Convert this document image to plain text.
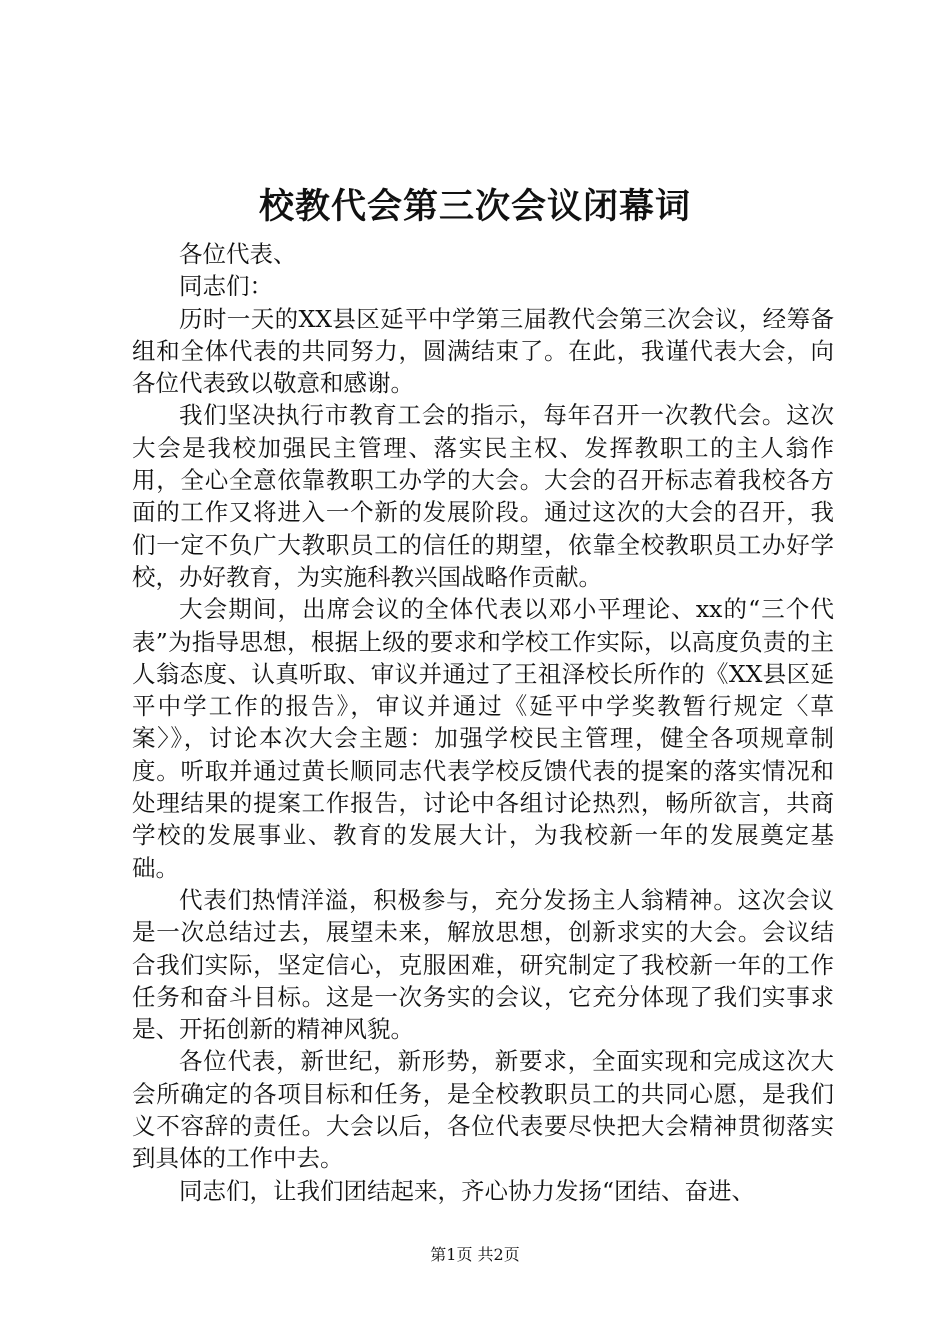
校教代会第三次会议闭幕词

各位代表、

同志们：

历时一天的XX县区延平中学第三届教代会第三次会议，经筹备组和全体代表的共同努力，圆满结束了。在此，我谨代表大会，向各位代表致以敬意和感谢。

我们坚决执行市教育工会的指示，每年召开一次教代会。这次大会是我校加强民主管理、落实民主权、发挥教职工的主人翁作用，全心全意依靠教职工办学的大会。大会的召开标志着我校各方面的工作又将进入一个新的发展阶段。通过这次的大会的召开，我们一定不负广大教职员工的信任的期望，依靠全校教职员工办好学校，办好教育，为实施科教兴国战略作贡献。

大会期间，出席会议的全体代表以邓小平理论、xx的“三个代表”为指导思想，根据上级的要求和学校工作实际，以高度负责的主人翁态度、认真听取、审议并通过了王祖泽校长所作的《XX县区延平中学工作的报告》，审议并通过《延平中学奖教暂行规定〈草案〉》，讨论本次大会主题：加强学校民主管理，健全各项规章制度。听取并通过黄长顺同志代表学校反馈代表的提案的落实情况和处理结果的提案工作报告，讨论中各组讨论热烈，畅所欲言，共商学校的发展事业、教育的发展大计，为我校新一年的发展奠定基础。

代表们热情洋溢，积极参与，充分发扬主人翁精神。这次会议是一次总结过去，展望未来，解放思想，创新求实的大会。会议结合我们实际，坚定信心，克服困难，研究制定了我校新一年的工作任务和奋斗目标。这是一次务实的会议，它充分体现了我们实事求是、开拓创新的精神风貌。

各位代表，新世纪，新形势，新要求，全面实现和完成这次大会所确定的各项目标和任务，是全校教职员工的共同心愿，是我们义不容辞的责任。大会以后，各位代表要尽快把大会精神贯彻落实到具体的工作中去。

同志们，让我们团结起来，齐心协力发扬“团结、奋进、

第1页 共2页
